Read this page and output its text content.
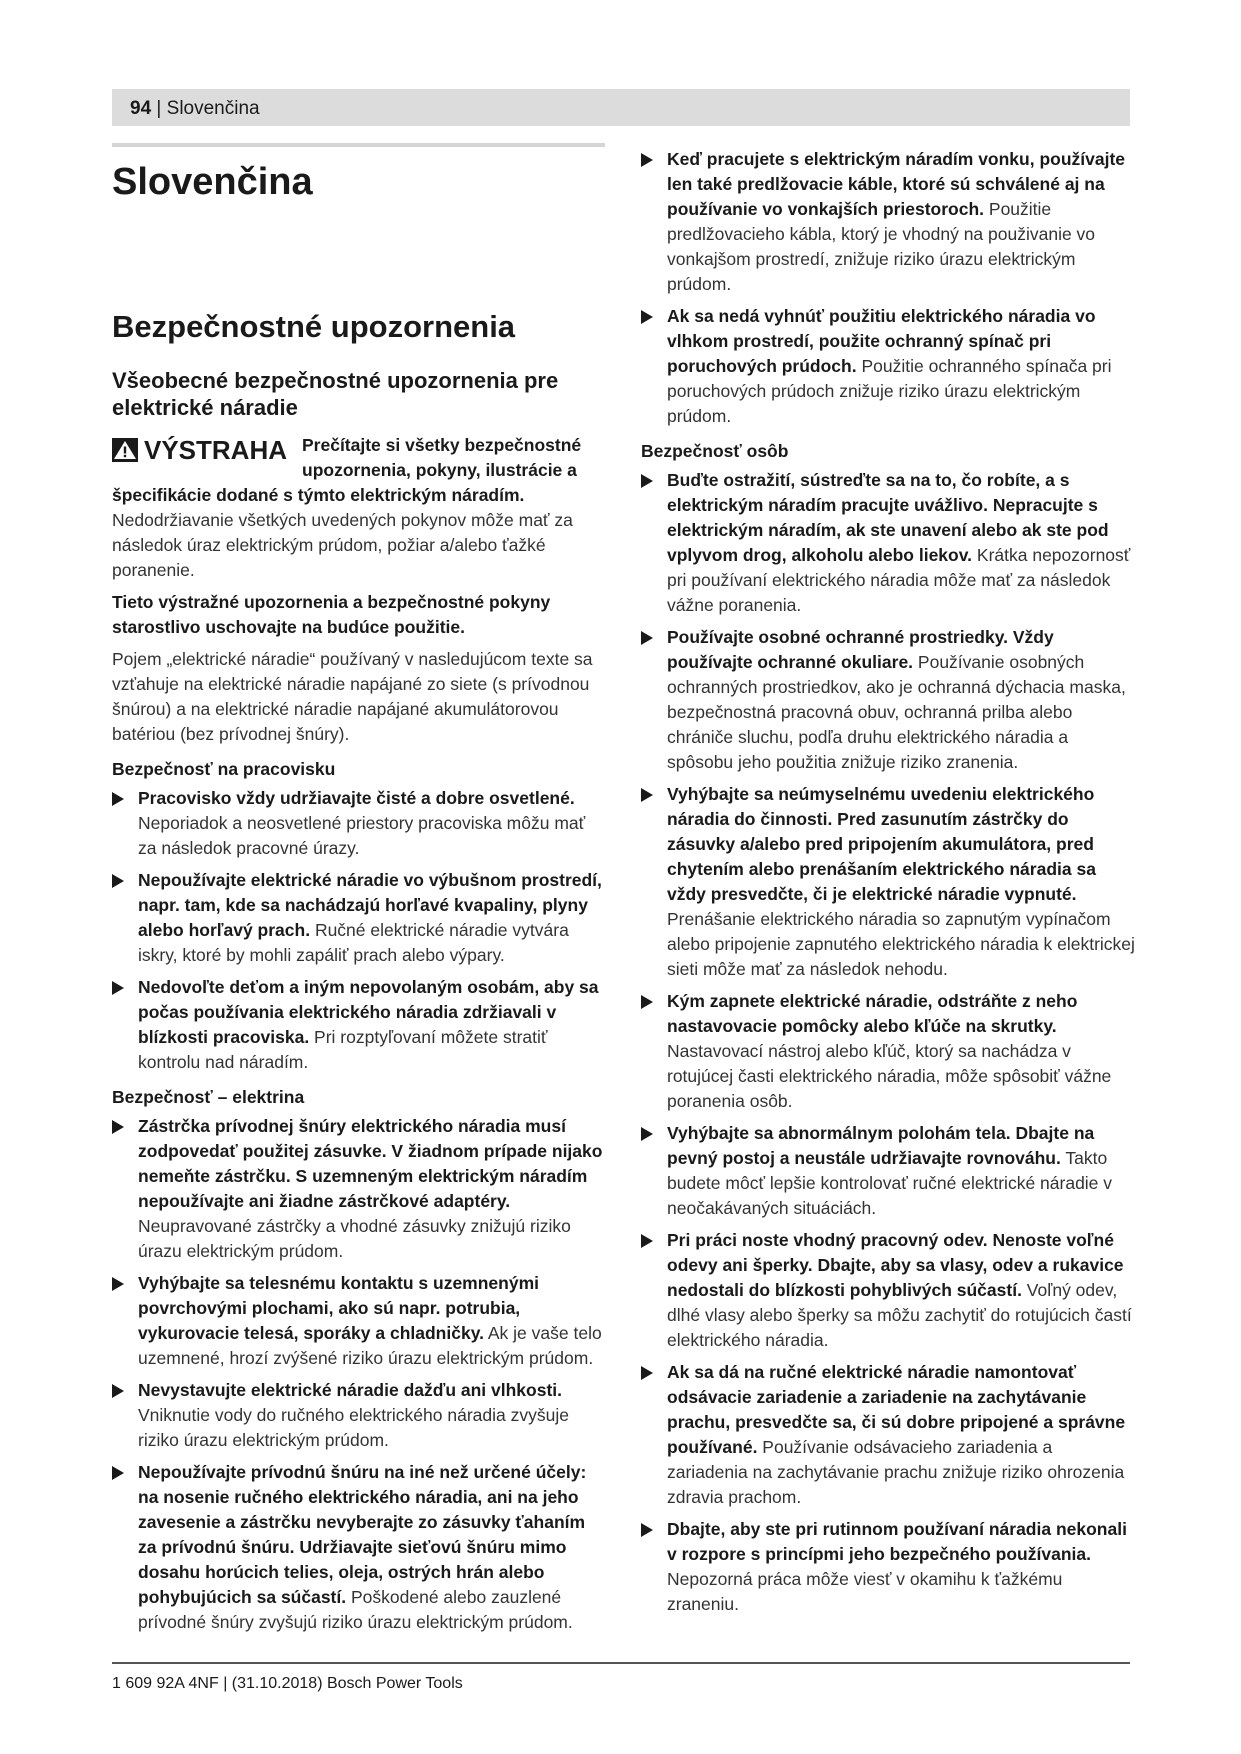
94 | Slovenčina
Slovenčina
Bezpečnostné upozornenia
Všeobecné bezpečnostné upozornenia pre elektrické náradie
VÝSTRAHA Prečítajte si všetky bezpečnostné upozornenia, pokyny, ilustrácie a špecifikácie dodané s týmto elektrickým náradím.

Nedodržiavanie všetkých uvedených pokynov môže mať za následok úraz elektrickým prúdom, požiar a/alebo ťažké poranenie.

Tieto výstražné upozornenia a bezpečnostné pokyny starostlivo uschovajte na budúce použitie.

Pojem „elektrické náradie“ používaný v nasledujúcom texte sa vzťahuje na elektrické náradie napájané zo siete (s prívodnou šnúrou) a na elektrické náradie napájané akumulátorovou batériou (bez prívodnej šnúry).

Bezpečnosť na pracovisku
Pracovisko vždy udržiavajte čisté a dobre osvetlené. Neporiadok a neosvetlené priestory pracoviska môžu mať za následok pracovné úrazy.
Nepoužívajte elektrické náradie vo výbušnom prostredí, napr. tam, kde sa nachádzajú horľavé kvapaliny, plyny alebo horľavý prach. Ručné elektrické náradie vytvára iskry, ktoré by mohli zapáliť prach alebo výpary.
Nedovoľte deťom a iným nepovolaným osobám, aby sa počas používania elektrického náradia zdržiavali v blízkosti pracoviska. Pri rozptyľovaní môžete stratiť kontrolu nad náradím.
Bezpečnosť – elektrina
Zástrčka prívodnej šnúry elektrického náradia musí zodpovedať použitej zásuvke. V žiadnom prípade nijako nemeňte zástrčku. S uzemneným elektrickým náradím nepoužívajte ani žiadne zástrčkové adaptéry. Neupravované zástrčky a vhodné zásuvky znižujú riziko úrazu elektrickým prúdom.
Vyhýbajte sa telesnému kontaktu s uzemnenými povrchovými plochami, ako sú napr. potrubia, vykurovacie telesá, sporáky a chladničky. Ak je vaše telo uzemnené, hrozí zvýšené riziko úrazu elektrickým prúdom.
Nevystavujte elektrické náradie dažďu ani vlhkosti. Vniknutie vody do ručného elektrického náradia zvyšuje riziko úrazu elektrickým prúdom.
Nepoužívajte prívodnú šnúru na iné než určené účely: na nosenie ručného elektrického náradia, ani na jeho zavesenie a zástrčku nevyberajte zo zásuvky ťahaním za prívodnú šnúru. Udržiavajte sieťovú šnúru mimo dosahu horúcich telies, oleja, ostrých hrán alebo pohybujúcich sa súčastí. Poškodené alebo zauzlené prívodné šnúry zvyšujú riziko úrazu elektrickým prúdom.
Keď pracujete s elektrickým náradím vonku, používajte len také predlžovacie káble, ktoré sú schválené aj na používanie vo vonkajších priestoroch. Použitie predlžovacieho kábla, ktorý je vhodný na použivanie vo vonkajšom prostredí, znižuje riziko úrazu elektrickým prúdom.
Ak sa nedá vyhnúť použitiu elektrického náradia vo vlhkom prostredí, použite ochranný spínač pri poruchových prúdoch. Použitie ochranného spínača pri poruchových prúdoch znižuje riziko úrazu elektrickým prúdom.
Bezpečnosť osôb
Buďte ostražití, sústreďte sa na to, čo robíte, a s elektrickým náradím pracujte uvážlivo. Nepracujte s elektrickým náradím, ak ste unavení alebo ak ste pod vplyvom drog, alkoholu alebo liekov. Krátka nepozornosť pri používaní elektrického náradia môže mať za následok vážne poranenia.
Používajte osobné ochranné prostriedky. Vždy používajte ochranné okuliare. Používanie osobných ochranných prostriedkov, ako je ochranná dýchacia maska, bezpečnostná pracovná obuv, ochranná prilba alebo chrániče sluchu, podľa druhu elektrického náradia a spôsobu jeho použitia znižuje riziko zranenia.
Vyhýbajte sa neúmyselnému uvedeniu elektrického náradia do činnosti. Pred zasunutím zástrčky do zásuvky a/alebo pred pripojením akumulátora, pred chytením alebo prenášaním elektrického náradia sa vždy presvedčte, či je elektrické náradie vypnuté. Prenášanie elektrického náradia so zapnutým vypínačom alebo pripojenie zapnutého elektrického náradia k elektrickej sieti môže mať za následok nehodu.
Kým zapnete elektrické náradie, odstráňte z neho nastavovacie pomôcky alebo kľúče na skrutky. Nastavovací nástroj alebo kľúč, ktorý sa nachádza v rotujúcej časti elektrického náradia, môže spôsobiť vážne poranenia osôb.
Vyhýbajte sa abnormálnym polohám tela. Dbajte na pevný postoj a neustále udržiavajte rovnováhu. Takto budete môcť lepšie kontrolovať ručné elektrické náradie v neočakávaných situáciách.
Pri práci noste vhodný pracovný odev. Nenoste voľné odevy ani šperky. Dbajte, aby sa vlasy, odev a rukavice nedostali do blízkosti pohyblivých súčastí. Voľný odev, dlhé vlasy alebo šperky sa môžu zachytiť do rotujúcich častí elektrického náradia.
Ak sa dá na ručné elektrické náradie namontovať odsávacie zariadenie a zariadenie na zachytávanie prachu, presvedčte sa, či sú dobre pripojené a správne používané. Používanie odsávacieho zariadenia a zariadenia na zachytávanie prachu znižuje riziko ohrozenia zdravia prachom.
Dbajte, aby ste pri rutinnom používaní náradia nekonali v rozpore s princípmi jeho bezpečného používania. Nepozorná práca môže viesť v okamihu k ťažkému zraneniu.
1 609 92A 4NF | (31.10.2018) Bosch Power Tools
